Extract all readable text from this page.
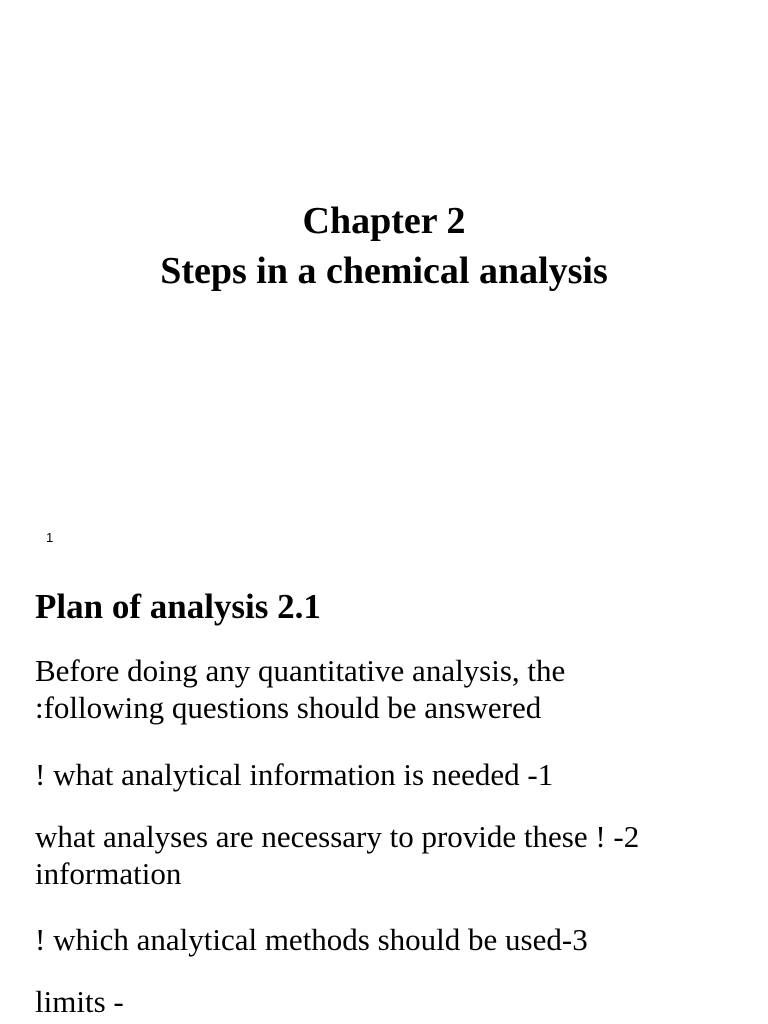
Chapter 2
Steps in a chemical analysis
1
Plan of analysis 2.1
Before doing any quantitative analysis, the
:following questions should be answered
! what analytical information is needed -1
what analyses are necessary to provide these ! -2
information
! which analytical methods should be used-3
limits -
